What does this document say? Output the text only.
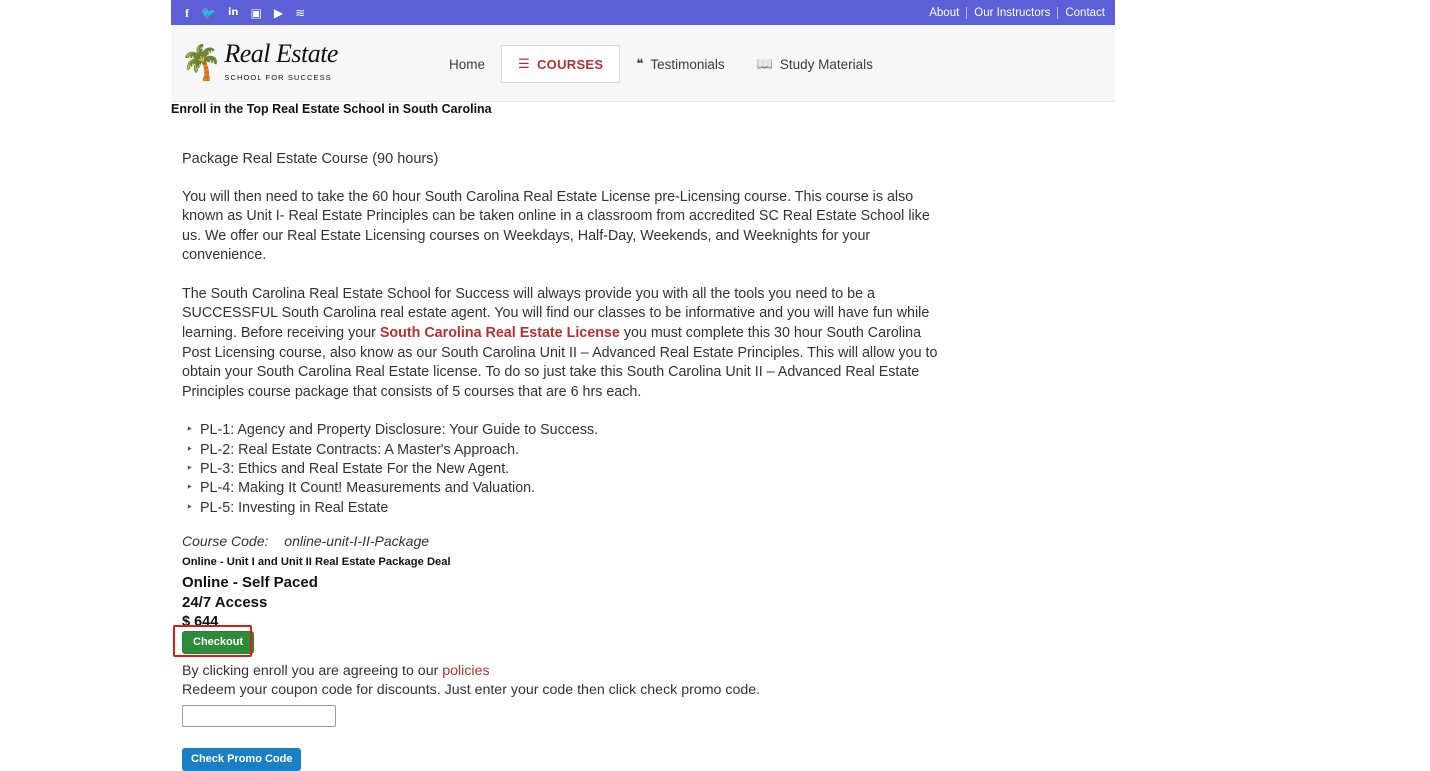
f 🐦 in ▣ ▶ ≋	About	Our Instructors	Contact
🌴 Real Estate SCHOOL FOR SUCCESS
Home	☰ COURSES	❝ Testimonials 📖 Study Materials
Enroll in the Top Real Estate School in South Carolina

Package Real Estate Course (90 hours)

You will then need to take the 60 hour South Carolina Real Estate License pre-Licensing course. This course is also known as Unit I- Real Estate Principles can be taken online in a classroom from accredited SC Real Estate School like us. We offer our Real Estate Licensing courses on Weekdays, Half-Day, Weekends, and Weeknights for your convenience.

The South Carolina Real Estate School for Success will always provide you with all the tools you need to be a SUCCESSFUL South Carolina real estate agent. You will find our classes to be informative and you will have fun while learning. Before receiving your South Carolina Real Estate License you must complete this 30 hour South Carolina Post Licensing course, also know as our South Carolina Unit II – Advanced Real Estate Principles. This will allow you to obtain your South Carolina Real Estate license. To do so just take this South Carolina Unit II – Advanced Real Estate Principles course package that consists of 5 courses that are 6 hrs each.

‣ PL-1: Agency and Property Disclosure: Your Guide to Success.
‣ PL-2: Real Estate Contracts: A Master's Approach.
‣ PL-3: Ethics and Real Estate For the New Agent.
‣ PL-4: Making It Count! Measurements and Valuation.
‣ PL-5: Investing in Real Estate
Course Code: online-unit-I-II-Package
Online - Unit I and Unit II Real Estate Package Deal
Online - Self Paced
24/7 Access
$ 644
Checkout
By clicking enroll you are agreeing to our policies
Redeem your coupon code for discounts. Just enter your code then click check promo code.
Check Promo Code
